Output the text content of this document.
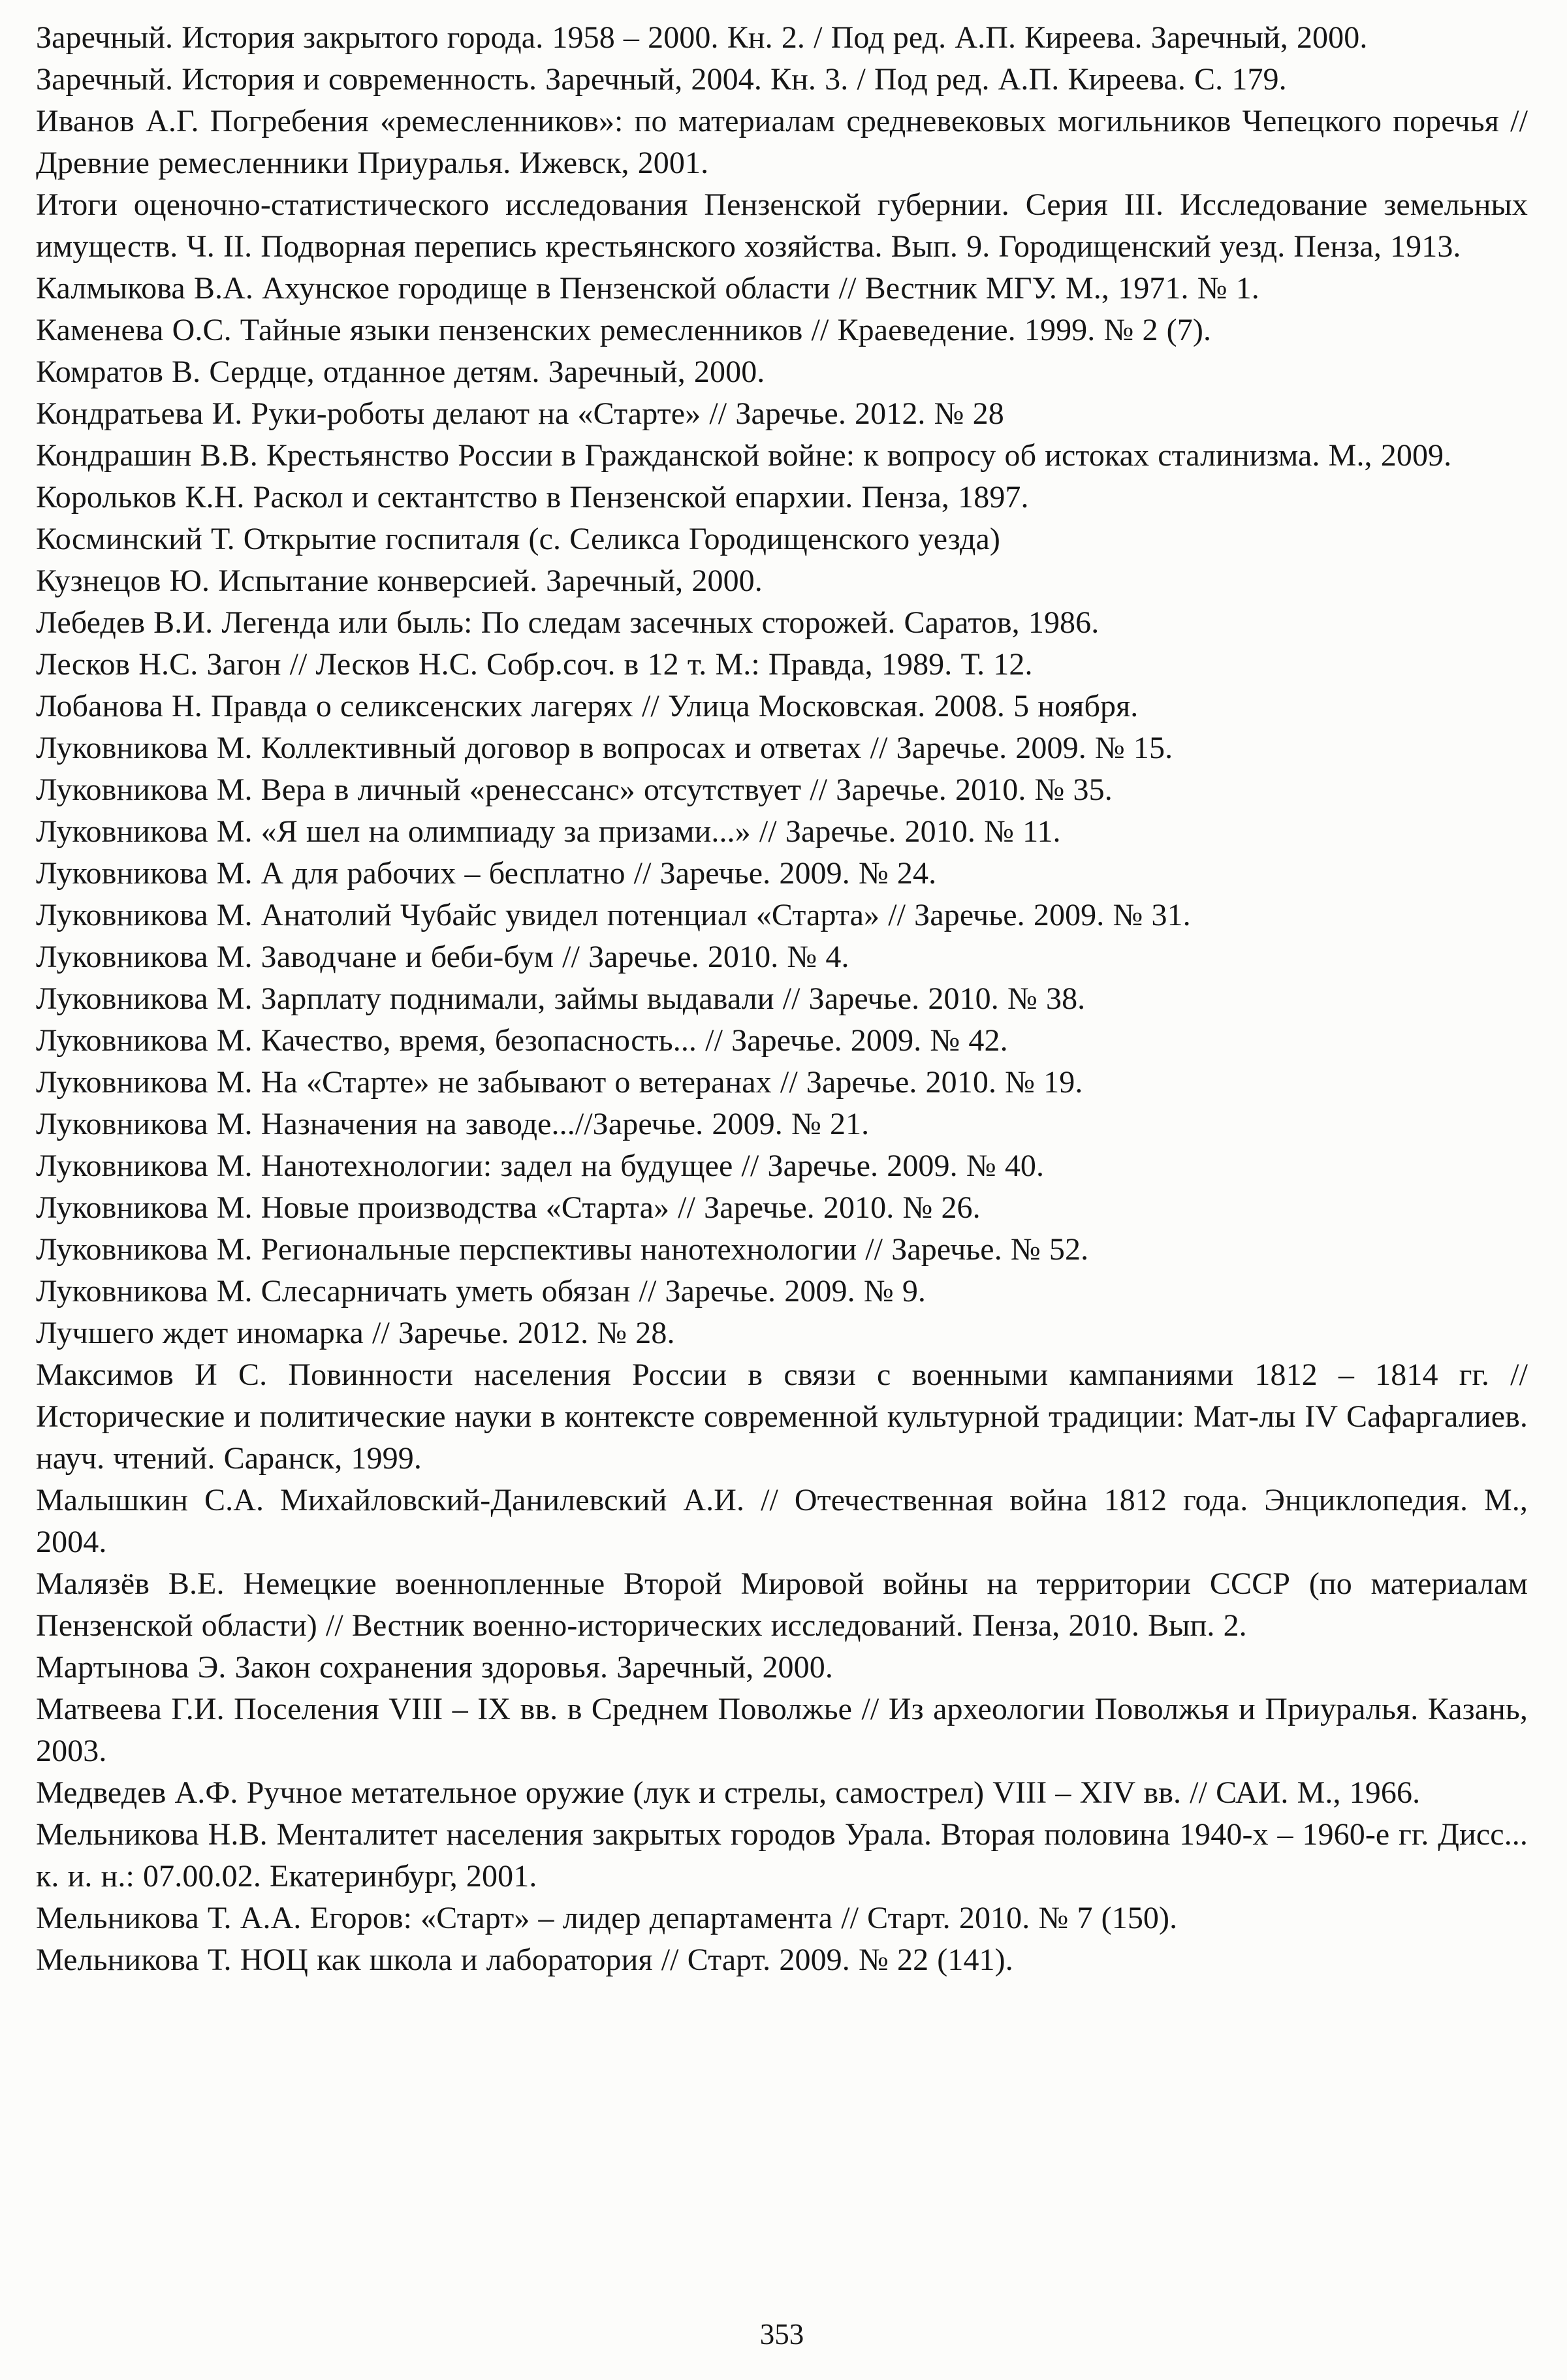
Заречный. История закрытого города. 1958 – 2000. Кн. 2. / Под ред. А.П. Киреева. Заречный, 2000.

Заречный. История и современность. Заречный, 2004. Кн. 3. / Под ред. А.П. Киреева. С. 179.

Иванов А.Г. Погребения «ремесленников»: по материалам средневековых могильников Чепецкого поречья // Древние ремесленники Приуралья. Ижевск, 2001.

Итоги оценочно-статистического исследования Пензенской губернии. Серия III. Исследование земельных имуществ. Ч. II. Подворная перепись крестьянского хозяйства. Вып. 9. Городищенский уезд. Пенза, 1913.

Калмыкова В.А. Ахунское городище в Пензенской области // Вестник МГУ. М., 1971. № 1.

Каменева О.С. Тайные языки пензенских ремесленников // Краеведение. 1999. № 2 (7).

Комратов В. Сердце, отданное детям. Заречный, 2000.

Кондратьева И. Руки-роботы делают на «Старте» // Заречье. 2012. № 28

Кондрашин В.В. Крестьянство России в Гражданской войне: к вопросу об истоках сталинизма. М., 2009.

Корольков К.Н. Раскол и сектантство в Пензенской епархии. Пенза, 1897.

Косминский Т. Открытие госпиталя (с. Селикса Городищенского уезда)

Кузнецов Ю. Испытание конверсией. Заречный, 2000.

Лебедев В.И. Легенда или быль: По следам засечных сторожей. Саратов, 1986.

Лесков Н.С. Загон // Лесков Н.С. Собр.соч. в 12 т. М.: Правда, 1989. Т. 12.

Лобанова Н. Правда о селиксенских лагерях // Улица Московская. 2008. 5 ноября.

Луковникова М. Коллективный договор в вопросах и ответах // Заречье. 2009. № 15.

Луковникова М. Вера в личный «ренессанс» отсутствует // Заречье. 2010. № 35.

Луковникова М. «Я шел на олимпиаду за призами...» // Заречье. 2010. № 11.

Луковникова М. А для рабочих – бесплатно // Заречье. 2009. № 24.

Луковникова М. Анатолий Чубайс увидел потенциал «Старта» // Заречье. 2009. № 31.

Луковникова М. Заводчане и беби-бум // Заречье. 2010. № 4.

Луковникова М. Зарплату поднимали, займы выдавали // Заречье. 2010. № 38.

Луковникова М. Качество, время, безопасность... // Заречье. 2009. № 42.

Луковникова М. На «Старте» не забывают о ветеранах // Заречье. 2010. № 19.

Луковникова М. Назначения на заводе...//Заречье. 2009. № 21.

Луковникова М. Нанотехнологии: задел на будущее // Заречье. 2009. № 40.

Луковникова М. Новые производства «Старта» // Заречье. 2010. № 26.

Луковникова М. Региональные перспективы нанотехнологии // Заречье. № 52.

Луковникова М. Слесарничать уметь обязан // Заречье. 2009. № 9.

Лучшего ждет иномарка // Заречье. 2012. № 28.

Максимов И С. Повинности населения России в связи с военными кампаниями 1812 – 1814 гг. // Исторические и политические науки в контексте современной культурной традиции: Мат-лы IV Сафаргалиев. науч. чтений. Саранск, 1999.

Малышкин С.А. Михайловский-Данилевский А.И. // Отечественная война 1812 года. Энциклопедия. М., 2004.

Малязёв В.Е. Немецкие военнопленные Второй Мировой войны на территории СССР (по материалам Пензенской области) // Вестник военно-исторических исследований. Пенза, 2010. Вып. 2.

Мартынова Э. Закон сохранения здоровья. Заречный, 2000.

Матвеева Г.И. Поселения VIII – IX вв. в Среднем Поволжье // Из археологии Поволжья и Приуралья. Казань, 2003.

Медведев А.Ф. Ручное метательное оружие (лук и стрелы, самострел) VIII – XIV вв. // САИ. М., 1966.

Мельникова Н.В. Менталитет населения закрытых городов Урала. Вторая половина 1940-х – 1960-е гг. Дисс... к. и. н.: 07.00.02. Екатеринбург, 2001.

Мельникова Т. А.А. Егоров: «Старт» – лидер департамента // Старт. 2010. № 7 (150).

Мельникова Т. НОЦ как школа и лаборатория // Старт. 2009. № 22 (141).

353
